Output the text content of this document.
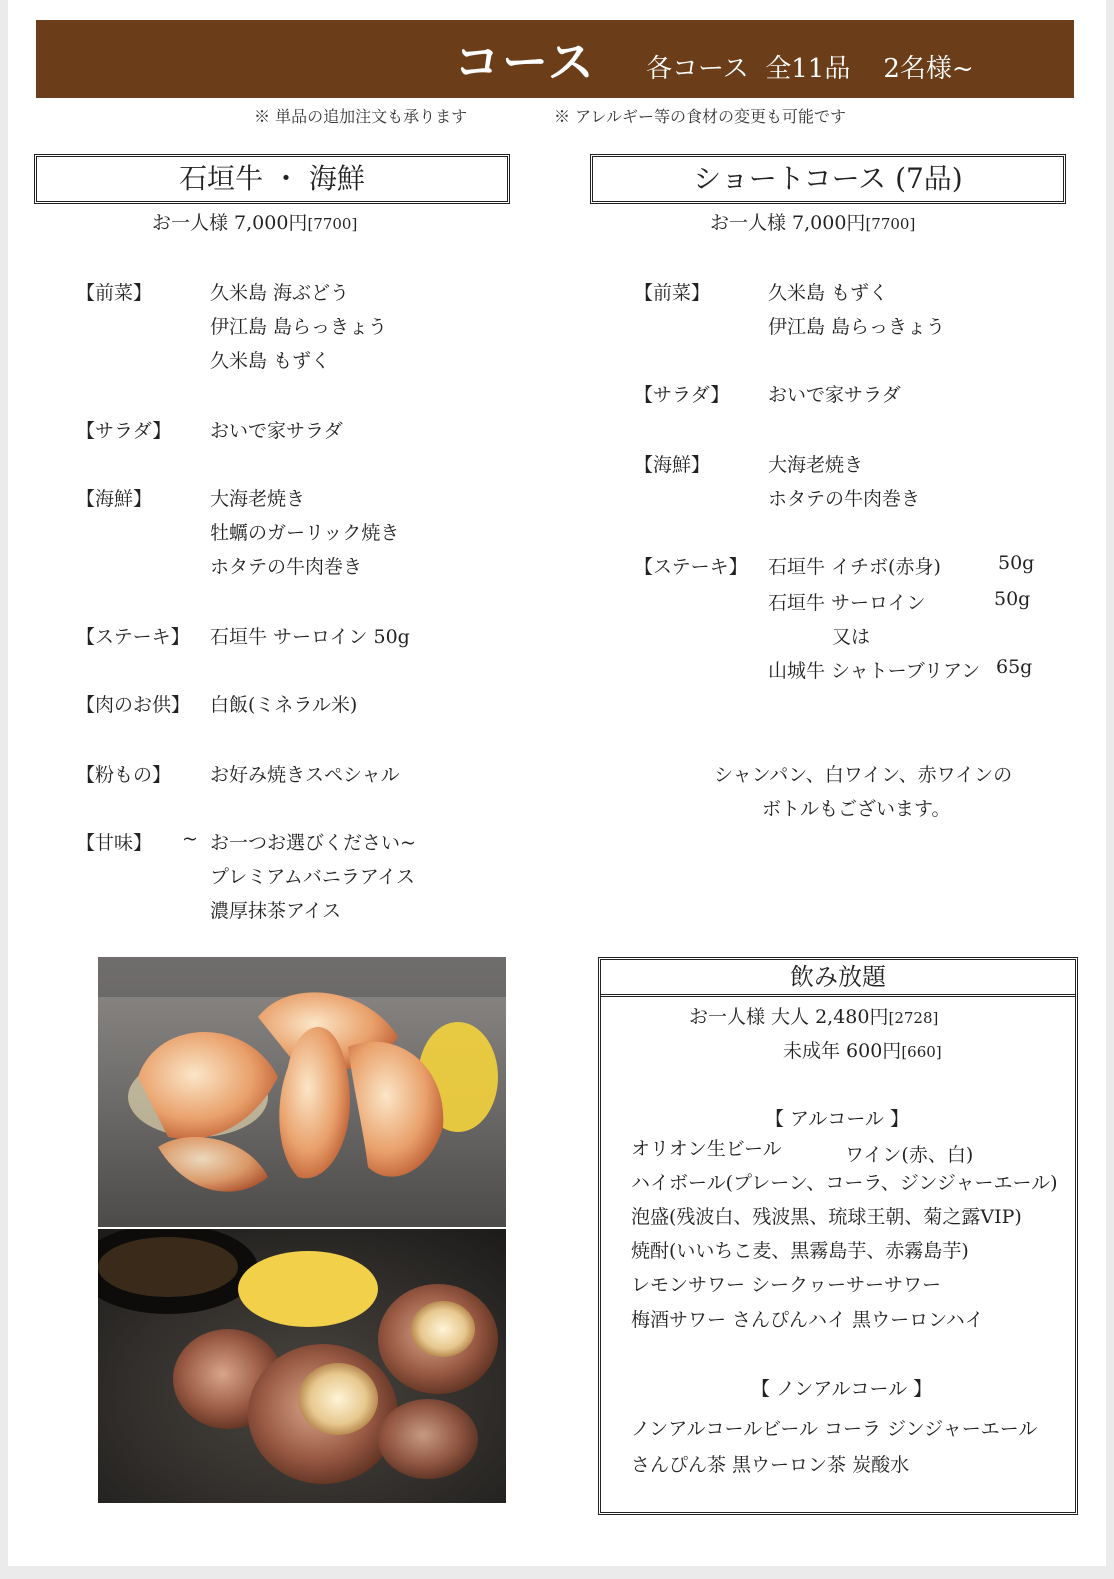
コース 各コース  全11品    2名様~
※ 単品の追加注文も承ります	※ アレルギー等の食材の変更も可能です
石垣牛 ・ 海鮮
お一人様 7,000円[7700]
【前菜】	久米島 海ぶどう
伊江島 島らっきょう
久米島 もずく
【サラダ】 おいで家サラダ
【海鮮】	大海老焼き
牡蠣のガーリック焼き
ホタテの牛肉巻き
【ステーキ】 石垣牛 サーロイン 50g
【肉のお供】 白飯(ミネラル米)
【粉もの】 お好み焼きスペシャル
【甘味】 ~ お一つお選びください~
プレミアムバニラアイス
濃厚抹茶アイス
ショートコース (7品)
お一人様 7,000円[7700]
【前菜】	久米島 もずく
伊江島 島らっきょう
【サラダ】 おいで家サラダ
【海鮮】	大海老焼き
ホタテの牛肉巻き
【ステーキ】 石垣牛 イチボ(赤身)	50g
石垣牛 サーロイン	50g
又は
山城牛 シャトーブリアン 65g
シャンパン、白ワイン、赤ワインの
ボトルもございます。
飲み放題
お一人様 大人 2,480円[2728]
未成年 600円[660]
【 アルコール 】
オリオン生ビール	ワイン(赤、白)
ハイボール(プレーン、コーラ、ジンジャーエール)
泡盛(残波白、残波黒、琉球王朝、菊之露VIP)
焼酎(いいちこ麦、黒霧島芋、赤霧島芋)
レモンサワー シークヮーサーサワー
梅酒サワー さんぴんハイ 黒ウーロンハイ
【 ノンアルコール 】
ノンアルコールビール コーラ ジンジャーエール
さんぴん茶 黒ウーロン茶 炭酸水
